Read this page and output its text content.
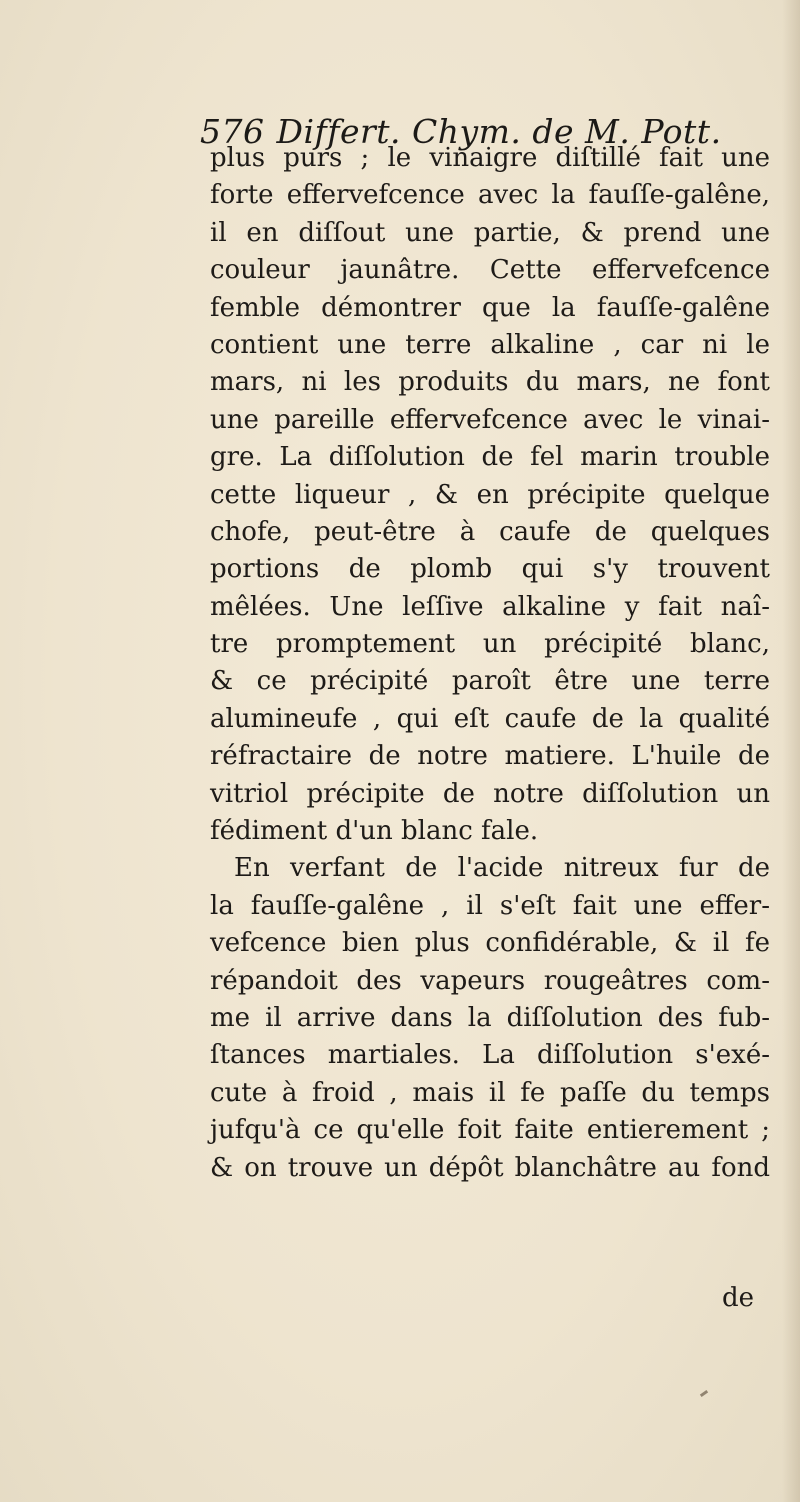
576 Differt. Chym. de M. Pott.
plus purs ; le vinaigre diſtillé fait une
forte effervefcence avec la fauſſe-galêne,
il en diſſout une partie, & prend une
couleur jaunâtre. Cette effervefcence
femble démontrer que la fauſſe-galêne
contient une terre alkaline , car ni le
mars, ni les produits du mars, ne font
une pareille effervefcence avec le vinai-
gre. La diſſolution de fel marin trouble
cette liqueur , & en précipite quelque
chofe, peut-être à caufe de quelques
portions de plomb qui s'y trouvent
mêlées. Une leſſive alkaline y fait naî-
tre promptement un précipité blanc,
& ce précipité paroît être une terre
alumineufe , qui eſt caufe de la qualité
réfractaire de notre matiere. L'huile de
vitriol précipite de notre diſſolution un
fédiment d'un blanc fale.
En verfant de l'acide nitreux fur de
la fauſſe-galêne , il s'eſt fait une effer-
vefcence bien plus confidérable, & il fe
répandoit des vapeurs rougeâtres com-
me il arrive dans la diſſolution des fub-
ſtances martiales. La diſſolution s'exé-
cute à froid , mais il fe paſſe du temps
jufqu'à ce qu'elle foit faite entierement ;
& on trouve un dépôt blanchâtre au fond
de
